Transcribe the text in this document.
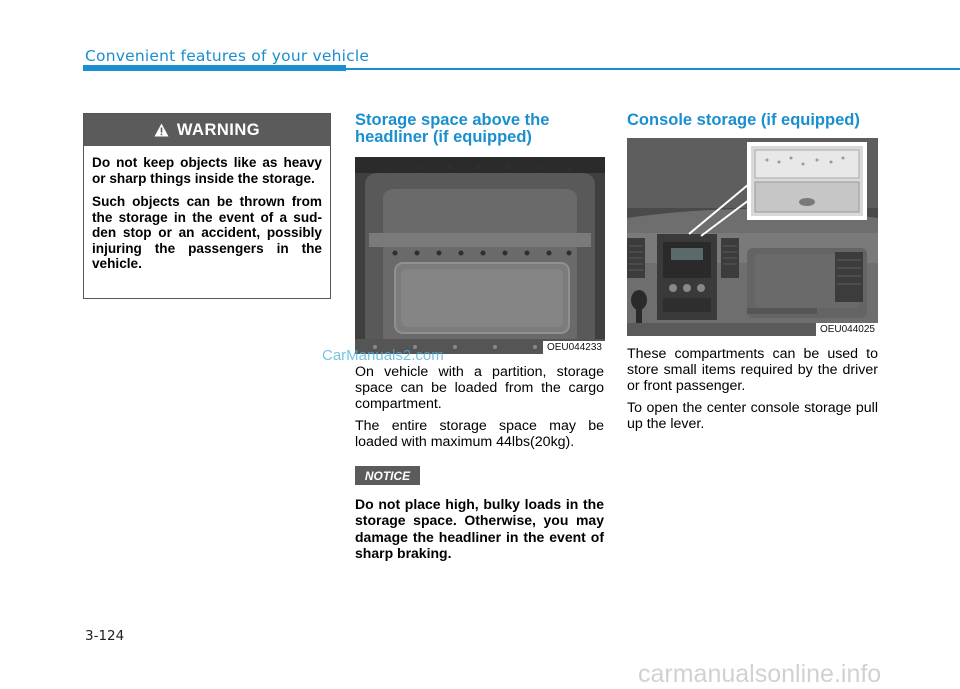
Convenient features of your vehicle
WARNING

Do not keep objects like as heavy or sharp things inside the storage.

Such objects can be thrown from the storage in the event of a sud-den stop or an accident, possibly injuring the passengers in the vehicle.

Storage space above the headliner (if equipped)
OEU044233

On vehicle with a partition, storage space can be loaded from the cargo compartment.

The entire storage space may be loaded with maximum 44lbs(20kg).

NOTICE
Do not place high, bulky loads in the storage space. Otherwise, you may damage the headliner in the event of sharp braking.
Console storage (if equipped)
OEU044025

These compartments can be used to store small items required by the driver or front passenger.

To open the center console storage pull up the lever.

3-124
CarManuals2.com
carmanualsonline.info
